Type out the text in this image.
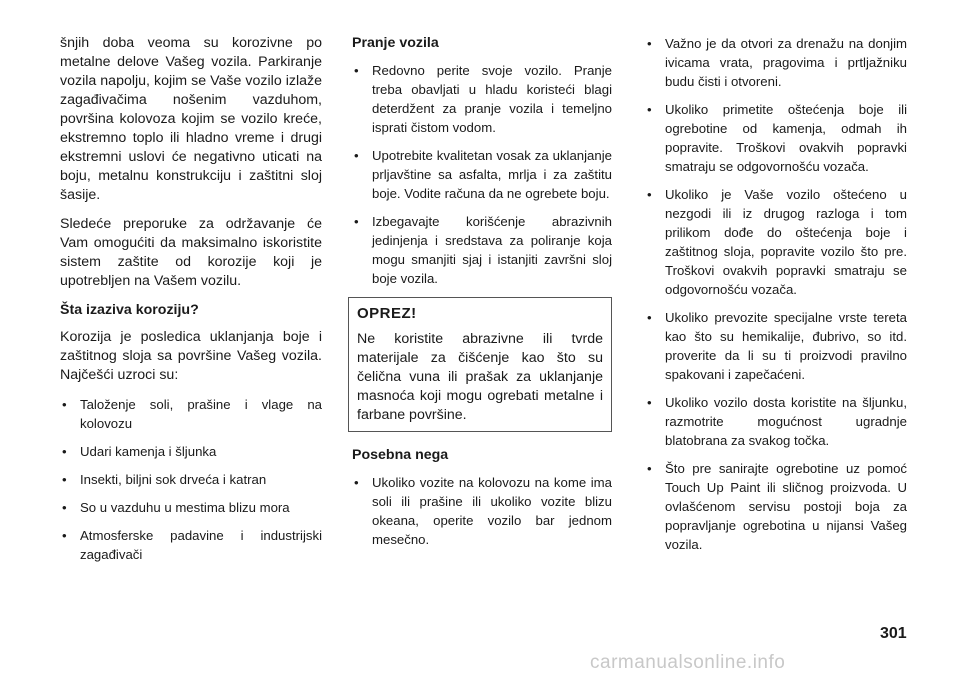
šnjih doba veoma su korozivne po metalne delove Vašeg vozila. Parkiranje vozila napolju, kojim se Vaše vozilo izlaže zagađivačima nošenim vazduhom, površina kolovoza kojim se vozilo kreće, ekstremno toplo ili hladno vreme i drugi ekstremni uslovi će negativno uticati na boju, metalnu konstrukciju i zaštitni sloj šasije.

Sledeće preporuke za održavanje će Vam omogućiti da maksimalno iskoristite sistem zaštite od korozije koji je upotrebljen na Vašem vozilu.

Šta izaziva koroziju?

Korozija je posledica uklanjanja boje i zaštitnog sloja sa površine Vašeg vozila. Najčešći uzroci su:

• Taloženje soli, prašine i vlage na kolovozu
• Udari kamenja i šljunka
• Insekti, biljni sok drveća i katran
• So u vazduhu u mestima blizu mora
• Atmosferske padavine i industrijski zagađivači
Pranje vozila
• Redovno perite svoje vozilo. Pranje treba obavljati u hladu koristeći blagi deterdžent za pranje vozila i temeljno isprati čistom vodom.
• Upotrebite kvalitetan vosak za uklanjanje prljavštine sa asfalta, mrlja i za zaštitu boje. Vodite računa da ne ogrebete boju.
• Izbegavajte korišćenje abrazivnih jedinjenja i sredstava za poliranje koja mogu smanjiti sjaj i istanjiti završni sloj boje vozila.
OPREZ!

Ne koristite abrazivne ili tvrde materijale za čišćenje kao što su čelična vuna ili prašak za uklanjanje masnoća koji mogu ogrebati metalne i farbane površine.

Posebna nega
• Ukoliko vozite na kolovozu na kome ima soli ili prašine ili ukoliko vozite blizu okeana, operite vozilo bar jednom mesečno.
• Važno je da otvori za drenažu na donjim ivicama vrata, pragovima i prtljažniku budu čisti i otvoreni.
• Ukoliko primetite oštećenja boje ili ogrebotine od kamenja, odmah ih popravite. Troškovi ovakvih popravki smatraju se odgovornošću vozača.
• Ukoliko je Vaše vozilo oštećeno u nezgodi ili iz drugog razloga i tom prilikom dođe do oštećenja boje i zaštitnog sloja, popravite vozilo što pre. Troškovi ovakvih popravki smatraju se odgovornošću vozača.
• Ukoliko prevozite specijalne vrste tereta kao što su hemikalije, đubrivo, so itd. proverite da li su ti proizvodi pravilno spakovani i zapečaćeni.
• Ukoliko vozilo dosta koristite na šljunku, razmotrite mogućnost ugradnje blatobrana za svakog točka.
• Što pre sanirajte ogrebotine uz pomoć Touch Up Paint ili sličnog proizvoda. U ovlašćenom servisu postoji boja za popravljanje ogrebotina u nijansi Vašeg vozila.
301
carmanualsonline.info
